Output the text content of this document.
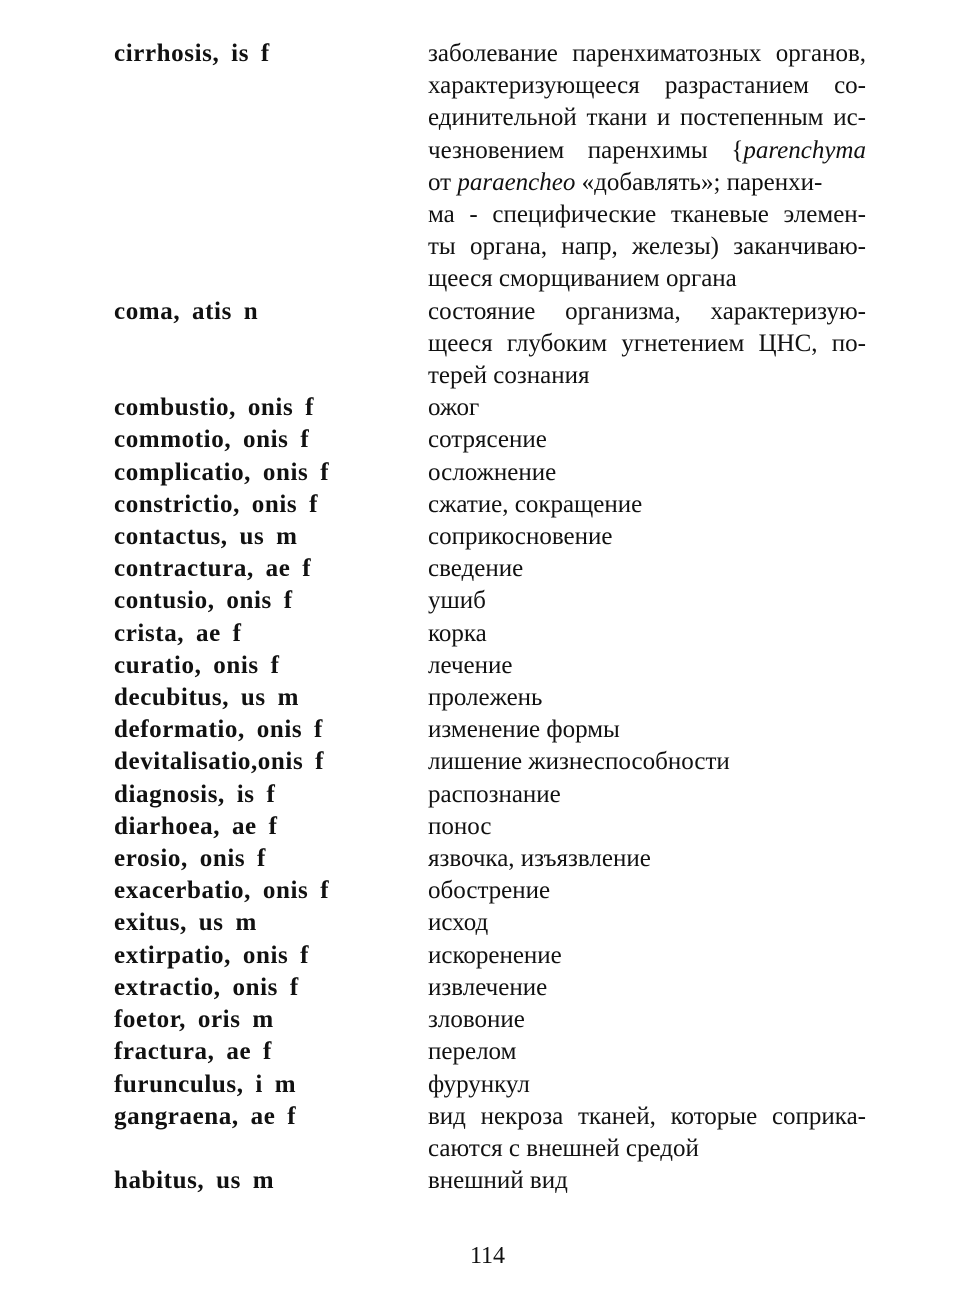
cirrhosis, is f	заболевание паренхиматозных органов,
характеризующееся разрастанием со-
единительной ткани и постепенным ис-
чезновением паренхимы {parenchyma
от paraencheo «добавлять»; паренхи-
ма - специфические тканевые элемен-
ты органа, напр, железы) заканчиваю-
щееся сморщиванием органа
coma, atis n	состояние организма, характеризую-
щееся глубоким угнетением ЦНС, по-
терей сознания
combustio, onis f	ожог
commotio, onis f	сотрясение
complicatio, onis f	осложнение
constrictio, onis f	сжатие, сокращение
contactus, us m	соприкосновение
contractura, ae f	сведение
contusio, onis f	ушиб
crista, ae f	корка
curatio, onis f	лечение
decubitus, us m	пролежень
deformatio, onis f	изменение формы
devitalisatio,onis f	лишение жизнеспособности
diagnosis, is f	распознание
diarhoea, ae f	понос
erosio, onis f	язвочка, изъязвление
exacerbatio, onis f	обострение
exitus, us m	исход
extirpatio, onis f	искоренение
extractio, onis f	извлечение
foetor, oris m	зловоние
fractura, ae f	перелом
furunculus, i m	фурункул
gangraena, ae f	вид некроза тканей, которые соприка-
саются с внешней средой
habitus, us m	внешний вид
114
